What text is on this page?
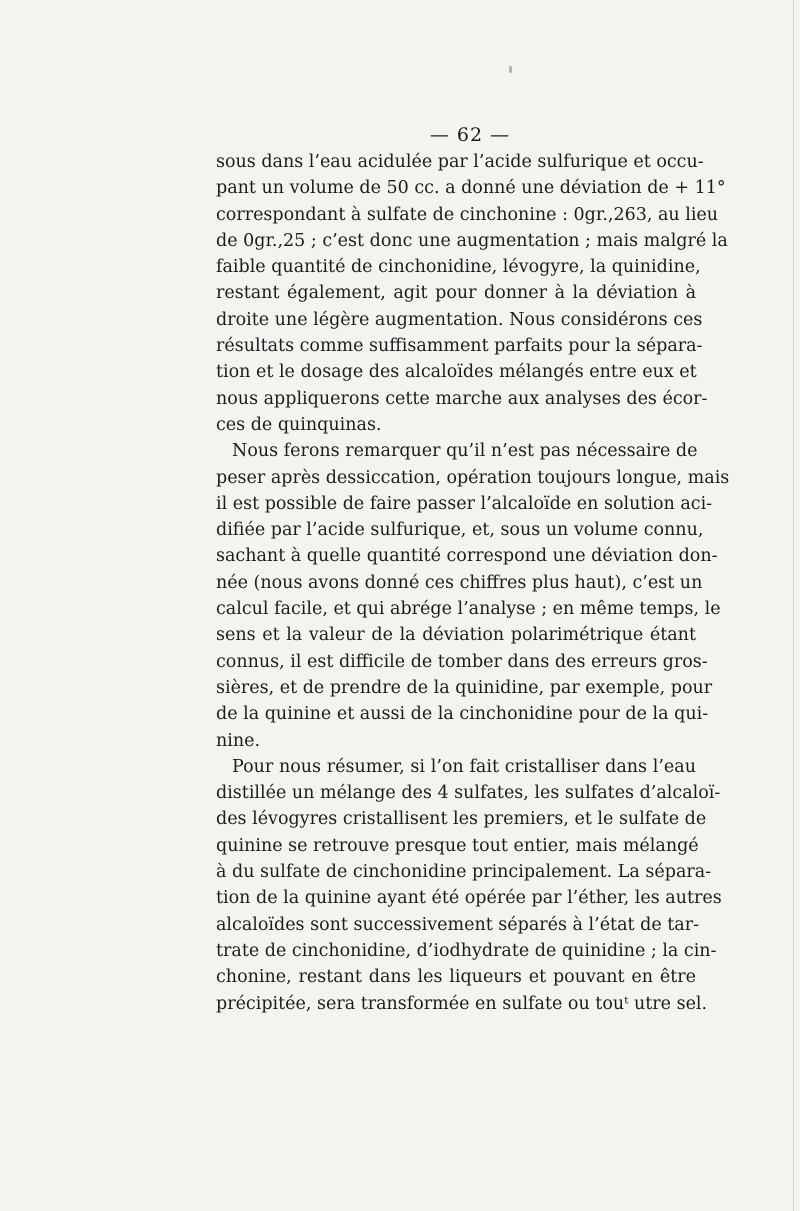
— 62 —
sous dans l’eau acidulée par l’acide sulfurique et occu-
pant un volume de 50 cc. a donné une déviation de + 11°
correspondant à sulfate de cinchonine : 0gr.,263, au lieu
de 0gr.,25 ; c’est donc une augmentation ; mais malgré la
faible quantité de cinchonidine, lévogyre, la quinidine,
restant également, agit pour donner à la déviation à
droite une légère augmentation. Nous considérons ces
résultats comme suffisamment parfaits pour la sépara-
tion et le dosage des alcaloïdes mélangés entre eux et
nous appliquerons cette marche aux analyses des écor-
ces de quinquinas.
Nous ferons remarquer qu’il n’est pas nécessaire de
peser après dessiccation, opération toujours longue, mais
il est possible de faire passer l’alcaloïde en solution aci-
difiée par l’acide sulfurique, et, sous un volume connu,
sachant à quelle quantité correspond une déviation don-
née (nous avons donné ces chiffres plus haut), c’est un
calcul facile, et qui abrége l’analyse ; en même temps, le
sens et la valeur de la déviation polarimétrique étant
connus, il est difficile de tomber dans des erreurs gros-
sières, et de prendre de la quinidine, par exemple, pour
de la quinine et aussi de la cinchonidine pour de la qui-
nine.
Pour nous résumer, si l’on fait cristalliser dans l’eau
distillée un mélange des 4 sulfates, les sulfates d’alcaloï-
des lévogyres cristallisent les premiers, et le sulfate de
quinine se retrouve presque tout entier, mais mélangé
à du sulfate de cinchonidine principalement. La sépara-
tion de la quinine ayant été opérée par l’éther, les autres
alcaloïdes sont successivement séparés à l’état de tar-
trate de cinchonidine, d’iodhydrate de quinidine ; la cin-
chonine, restant dans les liqueurs et pouvant en être
précipitée, sera transformée en sulfate ou touᵗ utre sel.
